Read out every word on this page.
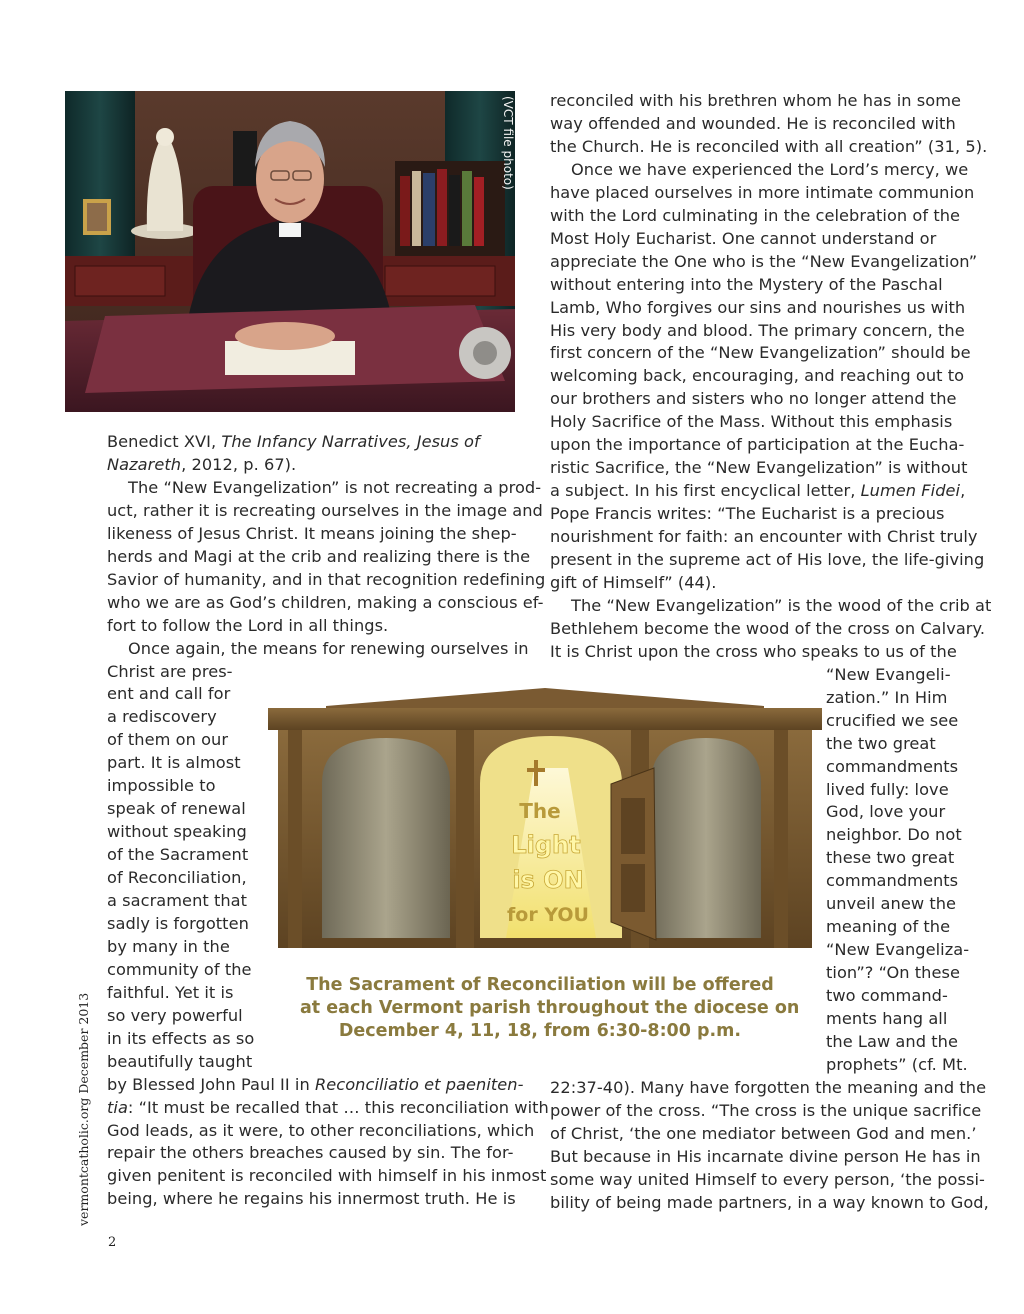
(VCT file photo)
The
Light
is ON
for YOU
The Sacrament of Reconciliation will be offered
at each Vermont parish throughout the diocese on
December 4, 11, 18, from 6:30-8:00 p.m.
Benedict XVI, The Infancy Narratives, Jesus of
Nazareth, 2012, p. 67).
The “New Evangelization” is not recreating a prod-
uct, rather it is recreating ourselves in the image and
likeness of Jesus Christ. It means joining the shep-
herds and Magi at the crib and realizing there is the
Savior of humanity, and in that recognition redefining
who we are as God’s children, making a conscious ef-
fort to follow the Lord in all things.
Once again, the means for renewing ourselves in
Christ are pres-
ent and call for
a rediscovery
of them on our
part. It is almost
impossible to
speak of renewal
without speaking
of the Sacrament
of Reconciliation,
a sacrament that
sadly is forgotten
by many in the
community of the
faithful. Yet it is
so very powerful
in its effects as so
beautifully taught
by Blessed John Paul II in Reconciliatio et paeniten-
tia: “It must be recalled that … this reconciliation with
God leads, as it were, to other reconciliations, which
repair the others breaches caused by sin. The for-
given penitent is reconciled with himself in his inmost
being, where he regains his innermost truth. He is
reconciled with his brethren whom he has in some
way offended and wounded. He is reconciled with
the Church. He is reconciled with all creation” (31, 5).
Once we have experienced the Lord’s mercy, we
have placed ourselves in more intimate communion
with the Lord culminating in the celebration of the
Most Holy Eucharist. One cannot understand or
appreciate the One who is the “New Evangelization”
without entering into the Mystery of the Paschal
Lamb, Who forgives our sins and nourishes us with
His very body and blood. The primary concern, the
first concern of the “New Evangelization” should be
welcoming back, encouraging, and reaching out to
our brothers and sisters who no longer attend the
Holy Sacrifice of the Mass. Without this emphasis
upon the importance of participation at the Eucha-
ristic Sacrifice, the “New Evangelization” is without
a subject. In his first encyclical letter, Lumen Fidei,
Pope Francis writes: “The Eucharist is a precious
nourishment for faith: an encounter with Christ truly
present in the supreme act of His love, the life-giving
gift of Himself” (44).
The “New Evangelization” is the wood of the crib at
Bethlehem become the wood of the cross on Calvary.
It is Christ upon the cross who speaks to us of the
“New Evangeli-
zation.” In Him
crucified we see
the two great
commandments
lived fully: love
God, love your
neighbor. Do not
these two great
commandments
unveil anew the
meaning of the
“New Evangeliza-
tion”? “On these
two command-
ments hang all
the Law and the
prophets” (cf. Mt.
22:37-40). Many have forgotten the meaning and the
power of the cross. “The cross is the unique sacrifice
of Christ, ‘the one mediator between God and men.’
But because in His incarnate divine person He has in
some way united Himself to every person, ‘the possi-
bility of being made partners, in a way known to God,
vermontcatholic.org December 2013
2
